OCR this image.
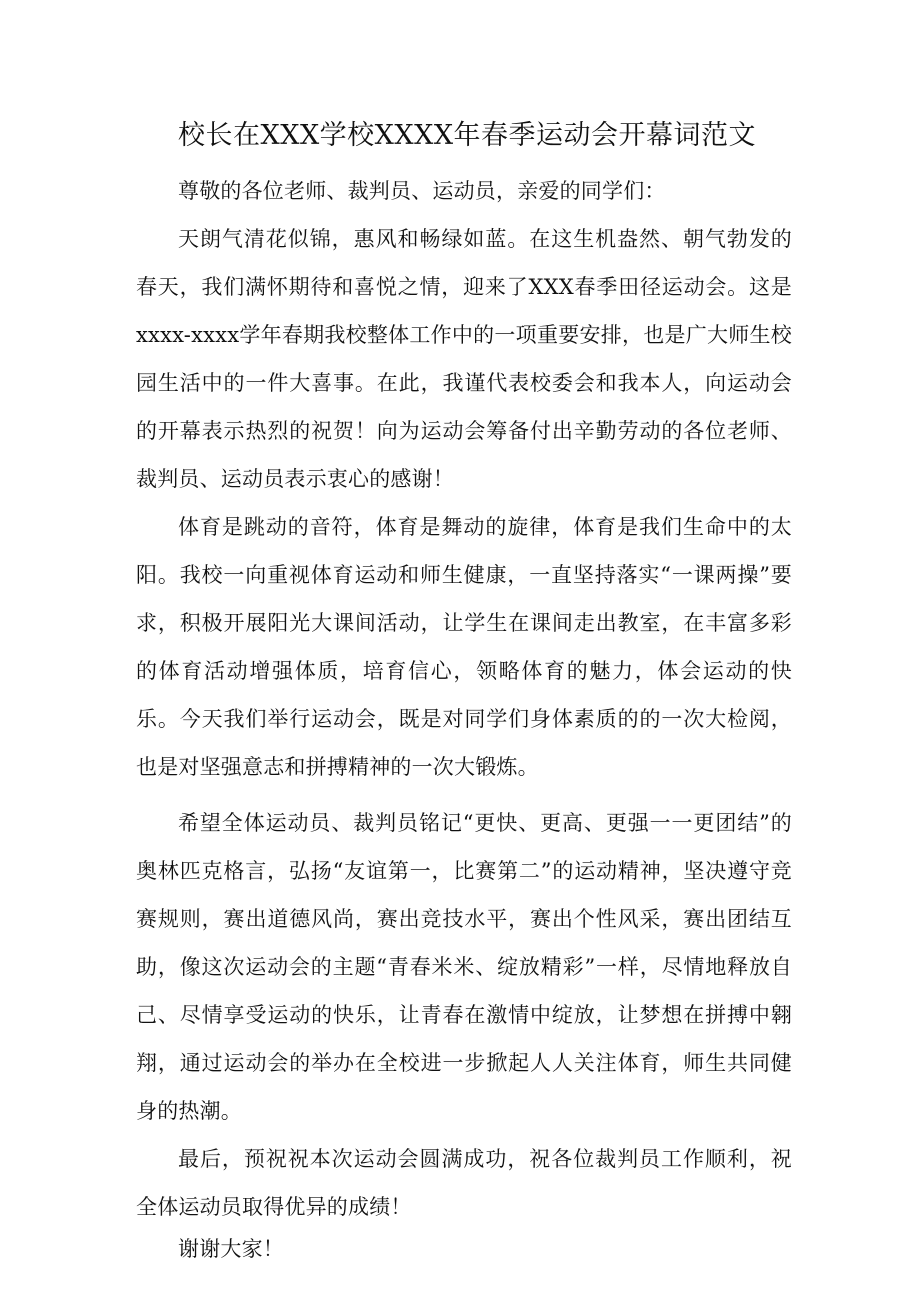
校长在XXX学校XXXX年春季运动会开幕词范文

尊敬的各位老师、裁判员、运动员，亲爱的同学们：

天朗气清花似锦，惠风和畅绿如蓝。在这生机盎然、朝气勃发的春天，我们满怀期待和喜悦之情，迎来了XXX春季田径运动会。这是xxxx-xxxx学年春期我校整体工作中的一项重要安排，也是广大师生校园生活中的一件大喜事。在此，我谨代表校委会和我本人，向运动会的开幕表示热烈的祝贺！向为运动会筹备付出辛勤劳动的各位老师、裁判员、运动员表示衷心的感谢！

体育是跳动的音符，体育是舞动的旋律，体育是我们生命中的太阳。我校一向重视体育运动和师生健康，一直坚持落实“一课两操”要求，积极开展阳光大课间活动，让学生在课间走出教室，在丰富多彩的体育活动增强体质，培育信心，领略体育的魅力，体会运动的快乐。今天我们举行运动会，既是对同学们身体素质的的一次大检阅，也是对坚强意志和拼搏精神的一次大锻炼。

希望全体运动员、裁判员铭记“更快、更高、更强一一更团结”的奥林匹克格言，弘扬“友谊第一，比赛第二”的运动精神，坚决遵守竞赛规则，赛出道德风尚，赛出竞技水平，赛出个性风采，赛出团结互助，像这次运动会的主题“青春米米、绽放精彩”一样，尽情地释放自己、尽情享受运动的快乐，让青春在激情中绽放，让梦想在拼搏中翱翔，通过运动会的举办在全校进一步掀起人人关注体育，师生共同健身的热潮。

最后，预祝祝本次运动会圆满成功，祝各位裁判员工作顺利，祝全体运动员取得优异的成绩！

谢谢大家！
